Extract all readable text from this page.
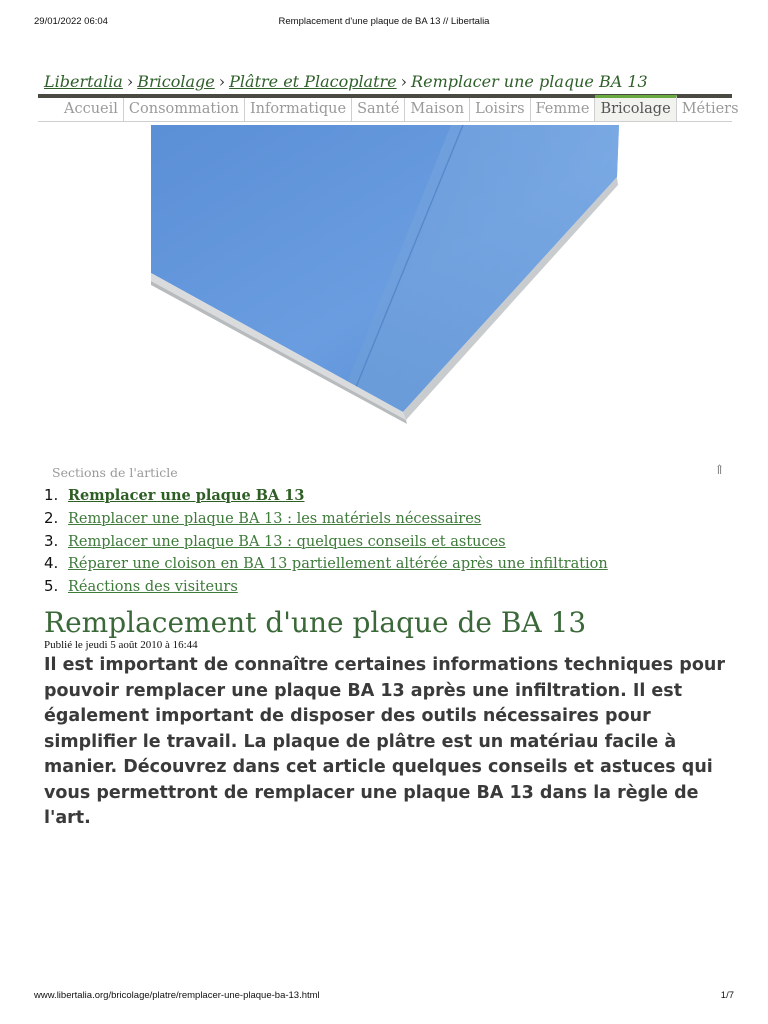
29/01/2022 06:04	Remplacement d'une plaque de BA 13 // Libertalia
Libertalia › Bricolage › Plâtre et Placoplatre › Remplacer une plaque BA 13
Accueil Consommation Informatique Santé Maison Loisirs Femme Bricolage Métiers
Sections de l'article	⇑
1. Remplacer une plaque BA 13
2. Remplacer une plaque BA 13 : les matériels nécessaires
3. Remplacer une plaque BA 13 : quelques conseils et astuces
4. Réparer une cloison en BA 13 partiellement altérée après une infiltration
5. Réactions des visiteurs
Remplacement d'une plaque de BA 13
Publié le jeudi 5 août 2010 à 16:44

Il est important de connaître certaines informations techniques pour pouvoir remplacer une plaque BA 13 après une infiltration. Il est également important de disposer des outils nécessaires pour simplifier le travail. La plaque de plâtre est un matériau facile à manier. Découvrez dans cet article quelques conseils et astuces qui vous permettront de remplacer une plaque BA 13 dans la règle de l'art.

www.libertalia.org/bricolage/platre/remplacer-une-plaque-ba-13.html	1/7
